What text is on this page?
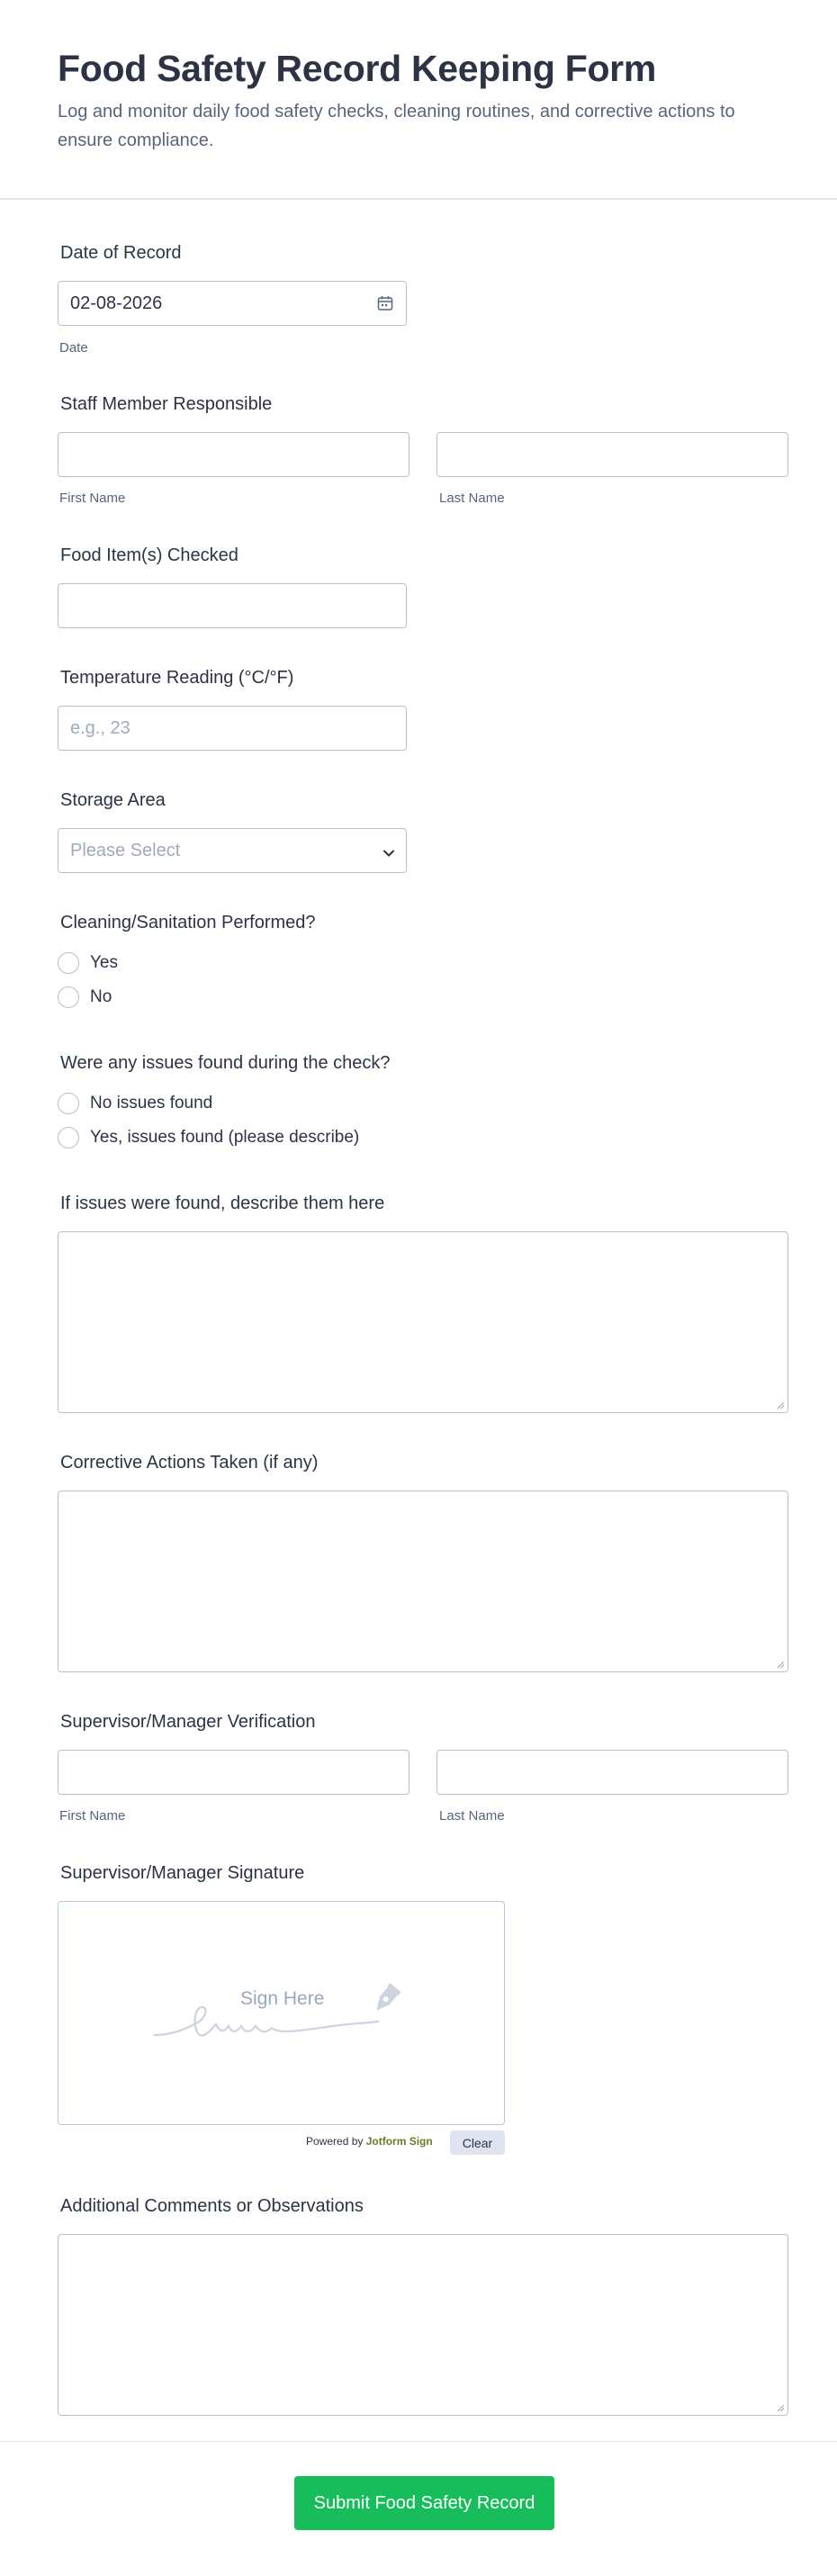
Food Safety Record Keeping Form

Log and monitor daily food safety checks, cleaning routines, and corrective actions to ensure compliance.

Date of Record
02-08-2026
Date
Staff Member Responsible
First Name	Last Name
Food Item(s) Checked
Temperature Reading (°C/°F)
e.g., 23
Storage Area
Please Select
Cleaning/Sanitation Performed?
Yes
No
Were any issues found during the check?
No issues found
Yes, issues found (please describe)
If issues were found, describe them here
Corrective Actions Taken (if any)
Supervisor/Manager Verification
First Name	Last Name
Supervisor/Manager Signature
Sign Here
Powered by Jotform Sign	Clear
Additional Comments or Observations
Submit Food Safety Record
